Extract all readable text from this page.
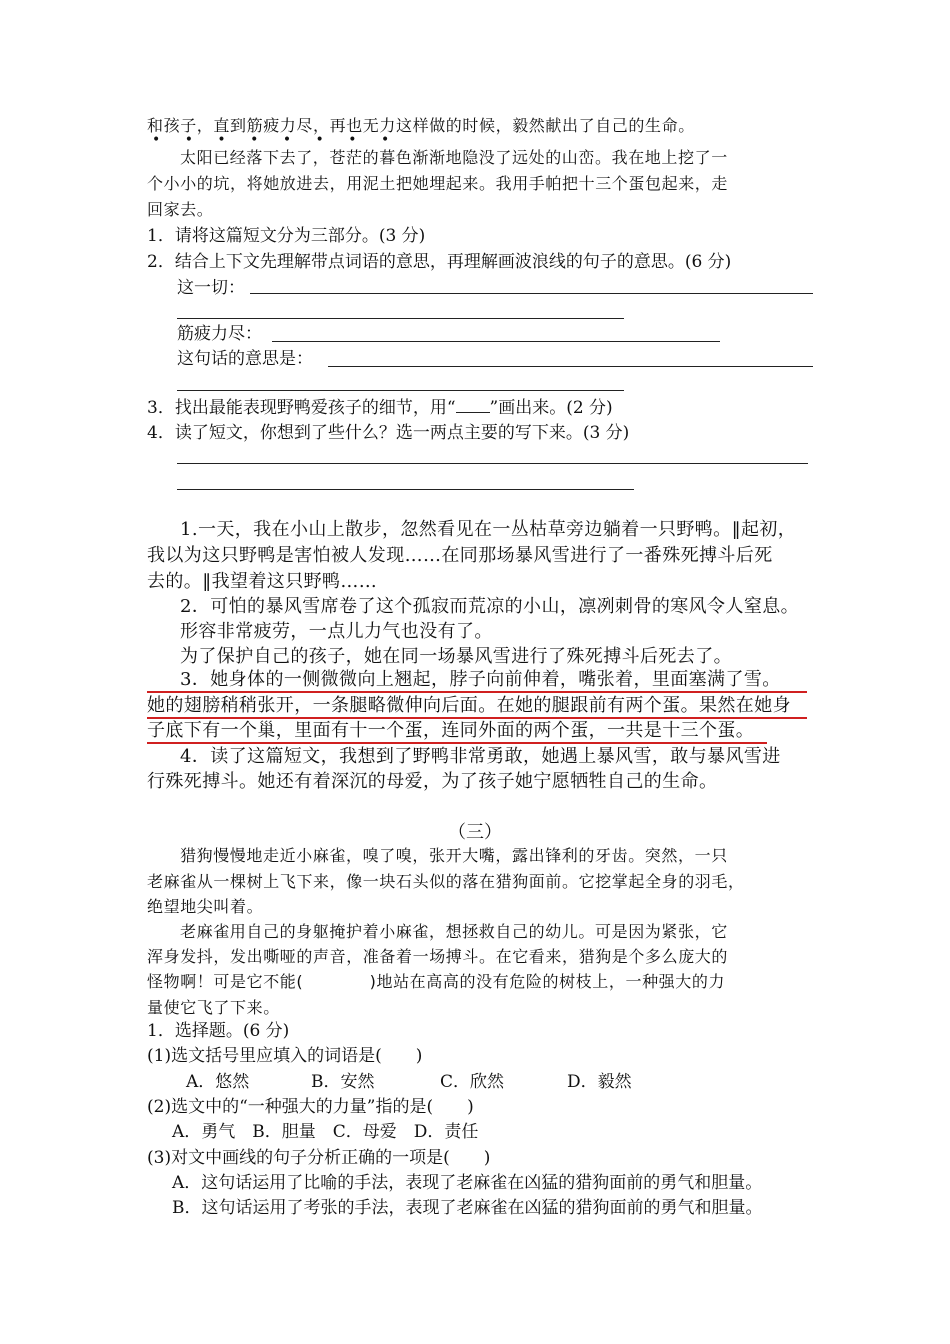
和孩子，直到筋疲力尽，再也无力这样做的时候，毅然献出了自己的生命。
• • • • • • • •
太阳已经落下去了，苍茫的暮色渐渐地隐没了远处的山峦。我在地上挖了一
个小小的坑，将她放进去，用泥土把她埋起来。我用手帕把十三个蛋包起来，走
回家去。
1．请将这篇短文分为三部分。(3 分)
2．结合上下文先理解带点词语的意思，再理解画波浪线的句子的意思。(6 分)
这一切：
筋疲力尽：
这句话的意思是：
3．找出最能表现野鸭爱孩子的细节，用“ ”画出来。(2 分)
4．读了短文，你想到了些什么？选一两点主要的写下来。(3 分)
1.一天，我在小山上散步，忽然看见在一丛枯草旁边躺着一只野鸭。‖起初，
我以为这只野鸭是害怕被人发现……在同那场暴风雪进行了一番殊死搏斗后死
去的。‖我望着这只野鸭……
2．可怕的暴风雪席卷了这个孤寂而荒凉的小山，凛冽刺骨的寒风令人窒息。
形容非常疲劳，一点儿力气也没有了。
为了保护自己的孩子，她在同一场暴风雪进行了殊死搏斗后死去了。
3．她身体的一侧微微向上翘起，脖子向前伸着，嘴张着，里面塞满了雪。
她的翅膀稍稍张开，一条腿略微伸向后面。在她的腿跟前有两个蛋。果然在她身
子底下有一个巢，里面有十一个蛋，连同外面的两个蛋，一共是十三个蛋。
4．读了这篇短文，我想到了野鸭非常勇敢，她遇上暴风雪，敢与暴风雪进
行殊死搏斗。她还有着深沉的母爱，为了孩子她宁愿牺牲自己的生命。
（三）
猎狗慢慢地走近小麻雀，嗅了嗅，张开大嘴，露出锋利的牙齿。突然，一只
老麻雀从一棵树上飞下来，像一块石头似的落在猎狗面前。它挖掌起全身的羽毛，
绝望地尖叫着。
老麻雀用自己的身躯掩护着小麻雀，想拯救自己的幼儿。可是因为紧张，它
浑身发抖，发出嘶哑的声音，准备着一场搏斗。在它看来，猎狗是个多么庞大的
怪物啊！可是它不能(　　　　)地站在高高的没有危险的树枝上，一种强大的力
量使它飞了下来。
1．选择题。(6 分)
(1)选文括号里应填入的词语是(　　)
A．悠然	B．安然	C．欣然	D．毅然
(2)选文中的“一种强大的力量”指的是(　　)
A．勇气　B．胆量　C．母爱　D．责任
(3)对文中画线的句子分析正确的一项是(　　)
A．这句话运用了比喻的手法，表现了老麻雀在凶猛的猎狗面前的勇气和胆量。
B．这句话运用了考张的手法，表现了老麻雀在凶猛的猎狗面前的勇气和胆量。
